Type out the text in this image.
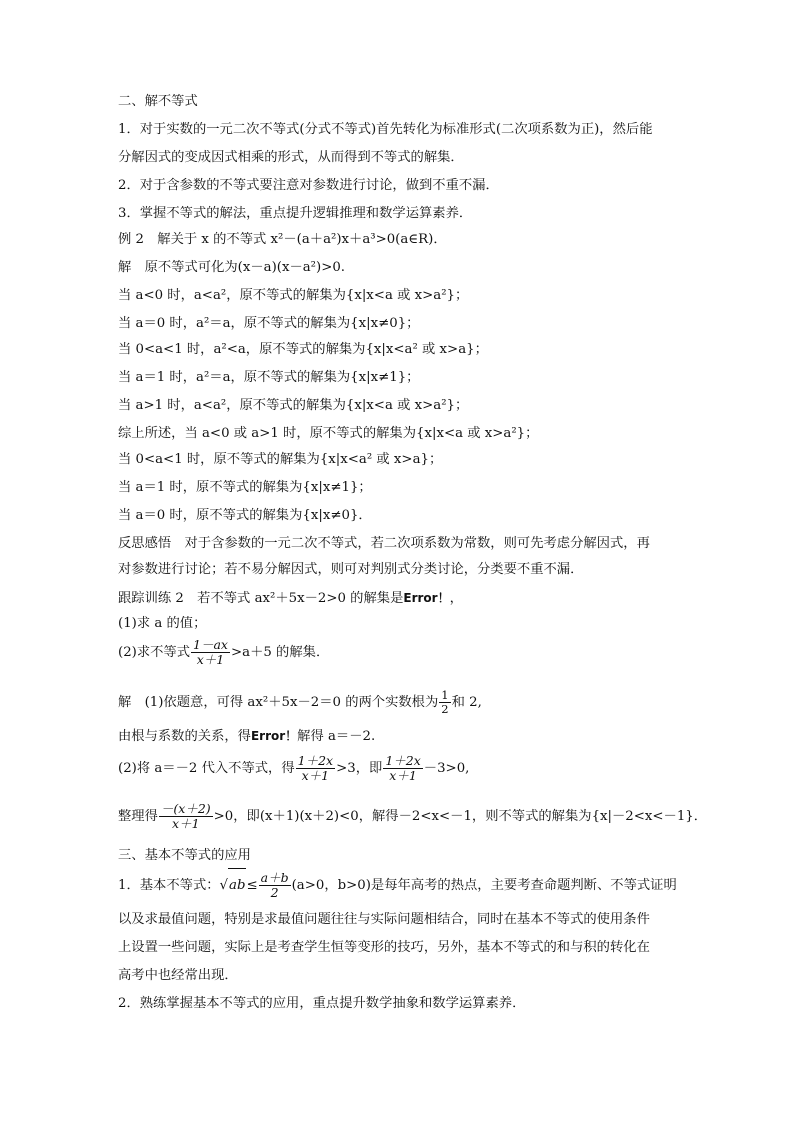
二、解不等式
1．对于实数的一元二次不等式(分式不等式)首先转化为标准形式(二次项系数为正)，然后能
分解因式的变成因式相乘的形式，从而得到不等式的解集．
2．对于含参数的不等式要注意对参数进行讨论，做到不重不漏．
3．掌握不等式的解法，重点提升逻辑推理和数学运算素养．
例 2　解关于 x 的不等式 x²－(a＋a²)x＋a³>0(a∈R)．
解　原不等式可化为(x－a)(x－a²)>0.
当 a<0 时，a<a²，原不等式的解集为{x|x<a 或 x>a²}；
当 a＝0 时，a²＝a，原不等式的解集为{x|x≠0}；
当 0<a<1 时，a²<a，原不等式的解集为{x|x<a² 或 x>a}；
当 a＝1 时，a²＝a，原不等式的解集为{x|x≠1}；
当 a>1 时，a<a²，原不等式的解集为{x|x<a 或 x>a²}；
综上所述，当 a<0 或 a>1 时，原不等式的解集为{x|x<a 或 x>a²}；
当 0<a<1 时，原不等式的解集为{x|x<a² 或 x>a}；
当 a＝1 时，原不等式的解集为{x|x≠1}；
当 a＝0 时，原不等式的解集为{x|x≠0}．
反思感悟　对于含参数的一元二次不等式，若二次项系数为常数，则可先考虑分解因式，再
对参数进行讨论；若不易分解因式，则可对判别式分类讨论，分类要不重不漏．
跟踪训练 2　若不等式 ax²＋5x－2>0 的解集是Error！，
(1)求 a 的值；
(2)求不等式 $\frac{1-ax}{x+1} >a+5$ 的解集．
解　(1)依题意，可得 ax²＋5x－2＝0 的两个实数根为 $\frac{1}{2}$ 和 2,
由根与系数的关系，得Error！解得 a＝－2.
(2)将 a＝－2 代入不等式，得 $\frac{1+2x}{x+1} >3$，即 $\frac{1+2x}{x+1} -3>0$,
整理得 $\frac{-(x+2)}{x+1} >0$，即(x＋1)(x＋2)<0，解得－2<x<－1，则不等式的解集为{x|－2<x<－1}．
三、基本不等式的应用
1．基本不等式：$√ab\le \frac{a+b}{2} (a>0$，b>0)是每年高考的热点，主要考查命题判断、不等式证明
以及求最值问题，特别是求最值问题往往与实际问题相结合，同时在基本不等式的使用条件
上设置一些问题，实际上是考查学生恒等变形的技巧，另外，基本不等式的和与积的转化在
高考中也经常出现．
2．熟练掌握基本不等式的应用，重点提升数学抽象和数学运算素养．
